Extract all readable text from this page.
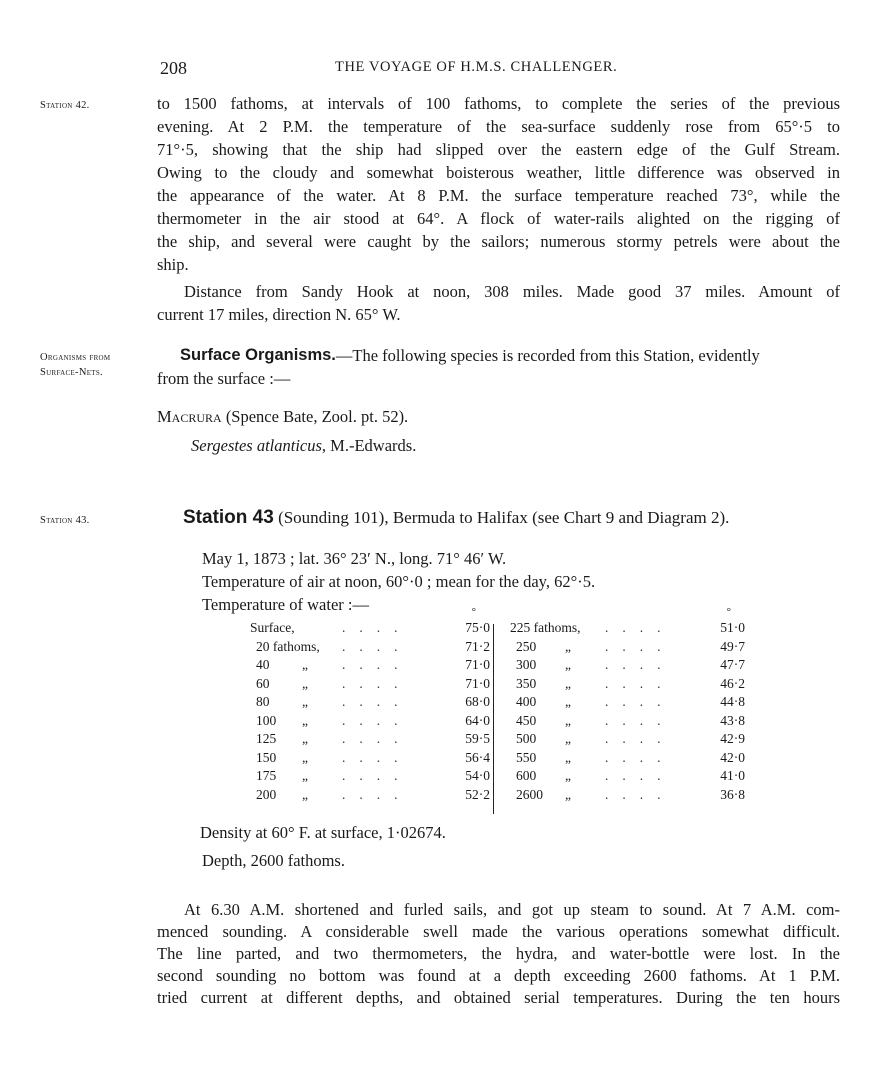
208	THE VOYAGE OF H.M.S. CHALLENGER.
Station 42.	to 1500 fathoms, at intervals of 100 fathoms, to complete the series of the previous
evening. At 2 P.M. the temperature of the sea-surface suddenly rose from 65°·5 to
71°·5, showing that the ship had slipped over the eastern edge of the Gulf Stream.
Owing to the cloudy and somewhat boisterous weather, little difference was observed in
the appearance of the water. At 8 P.M. the surface temperature reached 73°, while the
thermometer in the air stood at 64°. A flock of water-rails alighted on the rigging of
the ship, and several were caught by the sailors; numerous stormy petrels were about the
ship.
Distance from Sandy Hook at noon, 308 miles. Made good 37 miles. Amount of
current 17 miles, direction N. 65° W.
Organisms from
Surface-Nets.
Surface Organisms. —The following species is recorded from this Station, evidently
from the surface :—
Macrura (Spence Bate, Zool. pt. 52).
Sergestes atlanticus, M.-Edwards.
Station 43.	Station 43 (Sounding 101), Bermuda to Halifax (see Chart 9 and Diagram 2).
May 1, 1873 ; lat. 36° 23′ N., long. 71° 46′ W.
Temperature of air at noon, 60°·0 ; mean for the day, 62°·5.
Temperature of water :—	°
Surface,	....	75·0
20 fathoms, ....	71·2
40 „	....	71·0
60 „	....	71·0
80 „	....	68·0
100 „	....	64·0
125 „	....	59·5
150 „	....	56·4
175 „	....	54·0
200 „	....	52·2
°
225 fathoms, ....	51·0
250 „	....	49·7
300 „	....	47·7
350 „	....	46·2
400 „	....	44·8
450 „	....	43·8
500 „	....	42·9
550 „	....	42·0
600 „	....	41·0
2600 „	....	36·8
Density at 60° F. at surface, 1·02674.
Depth, 2600 fathoms.
At 6.30 A.M. shortened and furled sails, and got up steam to sound. At 7 A.M. com-
menced sounding. A considerable swell made the various operations somewhat difficult.
The line parted, and two thermometers, the hydra, and water-bottle were lost. In the
second sounding no bottom was found at a depth exceeding 2600 fathoms. At 1 P.M.
tried current at different depths, and obtained serial temperatures. During the ten hours
